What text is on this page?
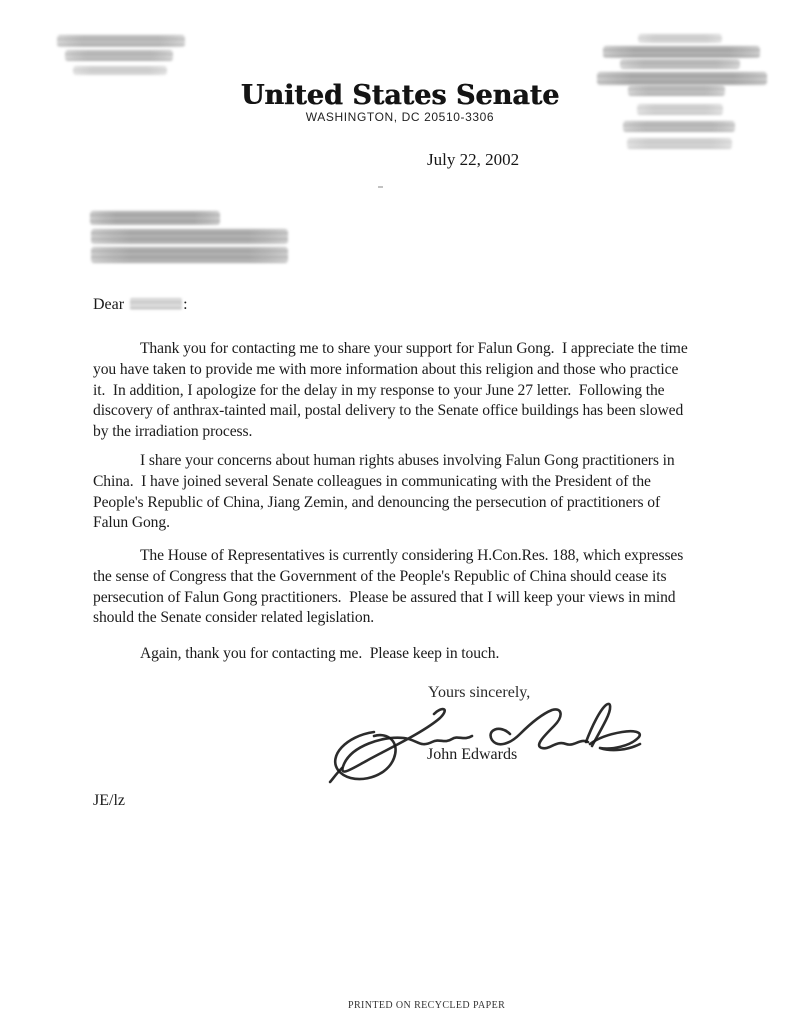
United States Senate
WASHINGTON, DC 20510-3306
July 22, 2002
Dear	:
Thank you for contacting me to share your support for Falun Gong.  I appreciate the time
you have taken to provide me with more information about this religion and those who practice
it.  In addition, I apologize for the delay in my response to your June 27 letter.  Following the
discovery of anthrax-tainted mail, postal delivery to the Senate office buildings has been slowed
by the irradiation process.
I share your concerns about human rights abuses involving Falun Gong practitioners in
China.  I have joined several Senate colleagues in communicating with the President of the
People's Republic of China, Jiang Zemin, and denouncing the persecution of practitioners of
Falun Gong.
The House of Representatives is currently considering H.Con.Res. 188, which expresses
the sense of Congress that the Government of the People's Republic of China should cease its
persecution of Falun Gong practitioners.  Please be assured that I will keep your views in mind
should the Senate consider related legislation.
Again, thank you for contacting me.  Please keep in touch.
Yours sincerely,
John Edwards
JE/lz
PRINTED ON RECYCLED PAPER
